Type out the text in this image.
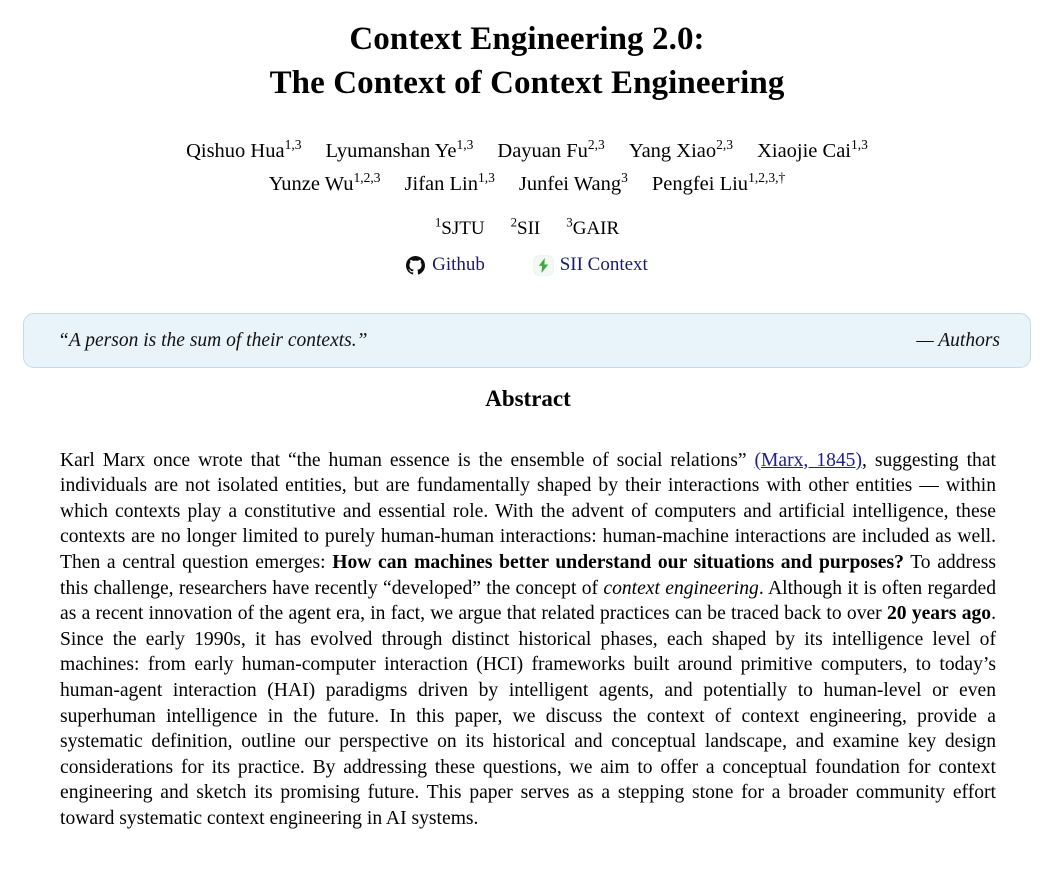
Context Engineering 2.0:
The Context of Context Engineering
Qishuo Hua$^{1,3}$ Lyumanshan Ye$^{1,3}$ Dayuan Fu$^{2,3}$ Yang Xiao$^{2,3}$ Xiaojie Cai$^{1,3}$
Yunze Wu$^{1,2,3}$ Jifan Lin$^{1,3}$ Junfei Wang$^3$ Pengfei Liu$^{1,2,3,\dagger}$
$^1$SJTU $^2$SII $^3$GAIR
Github
	SII Context
“A person is the sum of their contexts.”	— Authors
Abstract

Karl Marx once wrote that “the human essence is the ensemble of social relations” (Marx, 1845), suggesting that individuals are not isolated entities, but are fundamentally shaped by their interactions with other entities — within which contexts play a constitutive and essential role. With the advent of computers and artificial intelligence, these contexts are no longer limited to purely human-human interactions: human-machine interactions are included as well. Then a central question emerges: How can machines better understand our situations and purposes? To address this challenge, researchers have recently “developed” the concept of context engineering. Although it is often regarded as a recent innovation of the agent era, in fact, we argue that related practices can be traced back to over 20 years ago. Since the early 1990s, it has evolved through distinct historical phases, each shaped by its intelligence level of machines: from early human-computer interaction (HCI) frameworks built around primitive computers, to today’s human-agent interaction (HAI) paradigms driven by intelligent agents, and potentially to human-level or even superhuman intelligence in the future. In this paper, we discuss the context of context engineering, provide a systematic definition, outline our perspective on its historical and conceptual landscape, and examine key design considerations for its practice. By addressing these questions, we aim to offer a conceptual foundation for context engineering and sketch its promising future. This paper serves as a stepping stone for a broader community effort toward systematic context engineering in AI systems.
